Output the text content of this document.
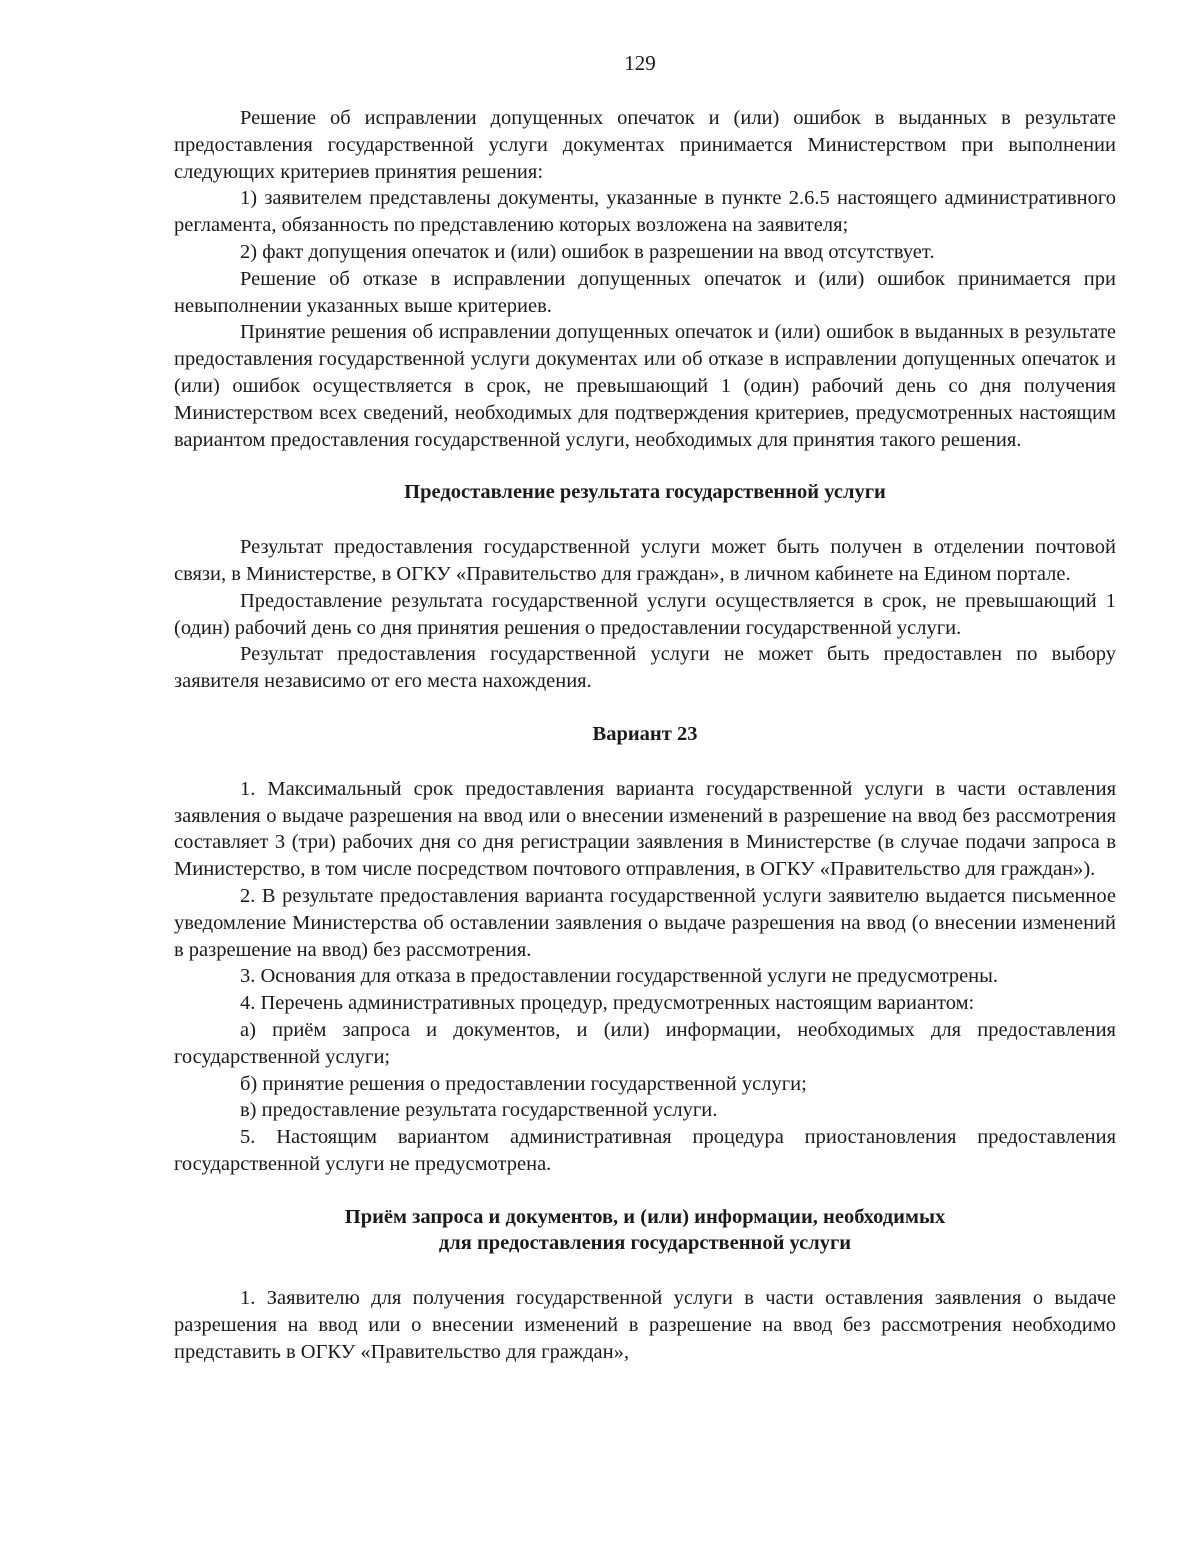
129

Решение об исправлении допущенных опечаток и (или) ошибок в выданных в результате предоставления государственной услуги документах принимается Министерством при выполнении следующих критериев принятия решения:

1) заявителем представлены документы, указанные в пункте 2.6.5 настоящего административного регламента, обязанность по представлению которых возложена на заявителя;

2) факт допущения опечаток и (или) ошибок в разрешении на ввод отсутствует.

Решение об отказе в исправлении допущенных опечаток и (или) ошибок принимается при невыполнении указанных выше критериев.

Принятие решения об исправлении допущенных опечаток и (или) ошибок в выданных в результате предоставления государственной услуги документах или об отказе в исправлении допущенных опечаток и (или) ошибок осуществляется в срок, не превышающий 1 (один) рабочий день со дня получения Министерством всех сведений, необходимых для подтверждения критериев, предусмотренных настоящим вариантом предоставления государственной услуги, необходимых для принятия такого решения.

Предоставление результата государственной услуги

Результат предоставления государственной услуги может быть получен в отделении почтовой связи, в Министерстве, в ОГКУ «Правительство для граждан», в личном кабинете на Едином портале.

Предоставление результата государственной услуги осуществляется в срок, не превышающий 1 (один) рабочий день со дня принятия решения о предоставлении государственной услуги.

Результат предоставления государственной услуги не может быть предоставлен по выбору заявителя независимо от его места нахождения.

Вариант 23

1. Максимальный срок предоставления варианта государственной услуги в части оставления заявления о выдаче разрешения на ввод или о внесении изменений в разрешение на ввод без рассмотрения составляет 3 (три) рабочих дня со дня регистрации заявления в Министерстве (в случае подачи запроса в Министерство, в том числе посредством почтового отправления, в ОГКУ «Правительство для граждан»).

2. В результате предоставления варианта государственной услуги заявителю выдается письменное уведомление Министерства об оставлении заявления о выдаче разрешения на ввод (о внесении изменений в разрешение на ввод) без рассмотрения.

3. Основания для отказа в предоставлении государственной услуги не предусмотрены.

4. Перечень административных процедур, предусмотренных настоящим вариантом:

а) приём запроса и документов, и (или) информации, необходимых для предоставления государственной услуги;

б) принятие решения о предоставлении государственной услуги;

в) предоставление результата государственной услуги.

5. Настоящим вариантом административная процедура приостановления предоставления государственной услуги не предусмотрена.

Приём запроса и документов, и (или) информации, необходимых

для предоставления государственной услуги

1. Заявителю для получения государственной услуги в части оставления заявления о выдаче разрешения на ввод или о внесении изменений в разрешение на ввод без рассмотрения необходимо представить в ОГКУ «Правительство для граждан»,
